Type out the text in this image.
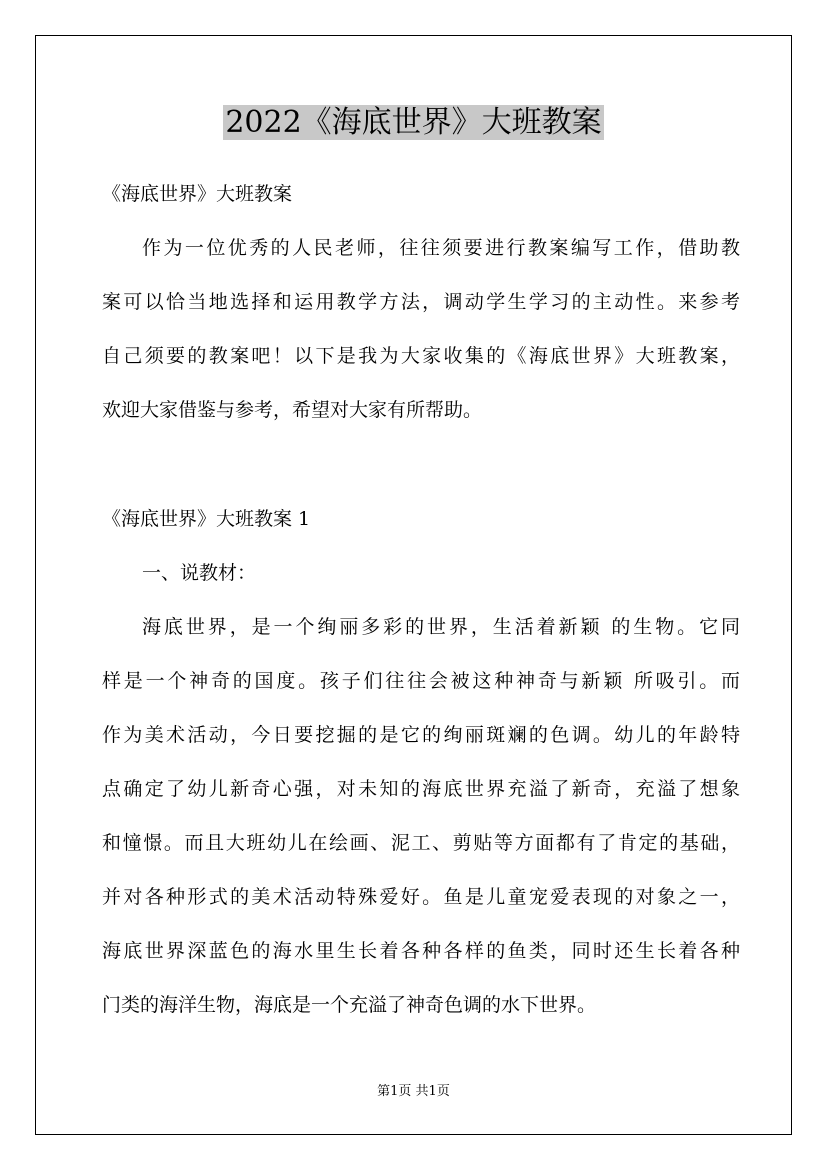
2022《海底世界》大班教案
《海底世界》大班教案
作为一位优秀的人民老师，往往须要进行教案编写工作，借助教
案可以恰当地选择和运用教学方法，调动学生学习的主动性。来参考
自己须要的教案吧！以下是我为大家收集的《海底世界》大班教案，
欢迎大家借鉴与参考，希望对大家有所帮助。
《海底世界》大班教案 1
一、说教材：
海底世界，是一个绚丽多彩的世界，生活着新颖 的生物。它同
样是一个神奇的国度。孩子们往往会被这种神奇与新颖 所吸引。而
作为美术活动，今日要挖掘的是它的绚丽斑斓的色调。幼儿的年龄特
点确定了幼儿新奇心强，对未知的海底世界充溢了新奇，充溢了想象
和憧憬。而且大班幼儿在绘画、泥工、剪贴等方面都有了肯定的基础，
并对各种形式的美术活动特殊爱好。鱼是儿童宠爱表现的对象之一，
海底世界深蓝色的海水里生长着各种各样的鱼类，同时还生长着各种
门类的海洋生物，海底是一个充溢了神奇色调的水下世界。
第1页 共1页
